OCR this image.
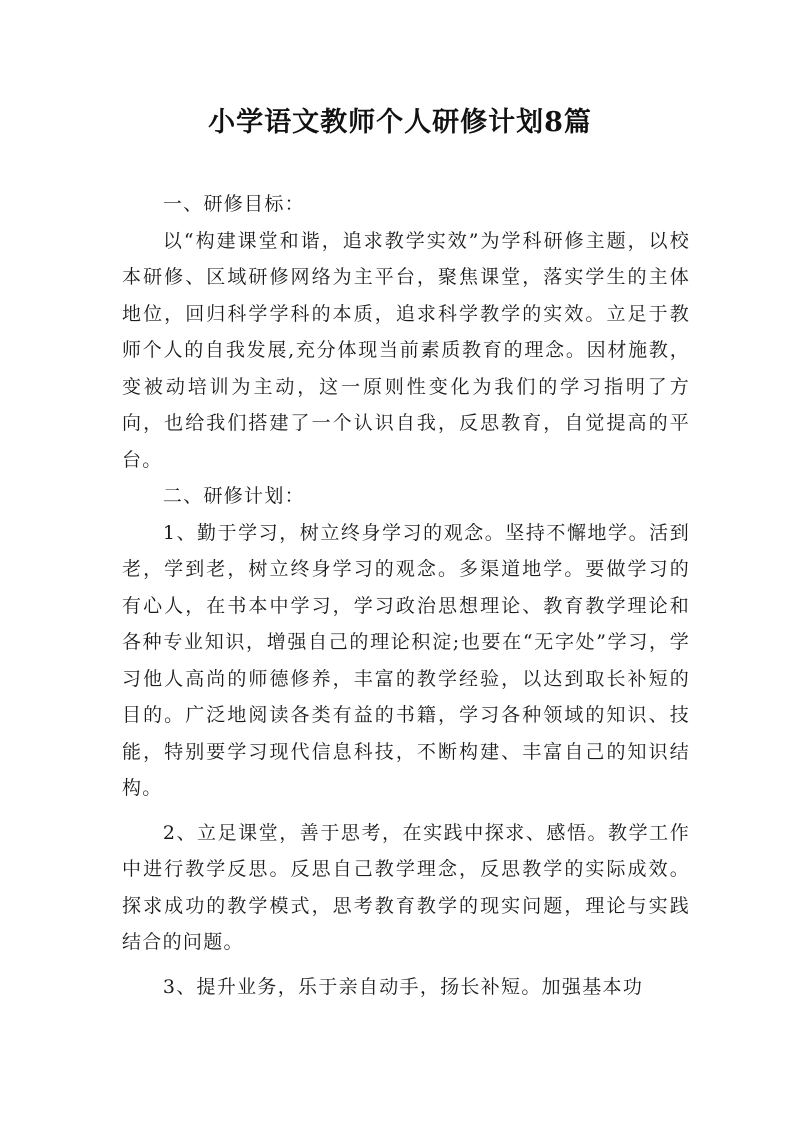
小学语文教师个人研修计划8篇

一、研修目标：

以“构建课堂和谐，追求教学实效”为学科研修主题，以校本研修、区域研修网络为主平台，聚焦课堂，落实学生的主体地位，回归科学学科的本质，追求科学教学的实效。立足于教师个人的自我发展,充分体现当前素质教育的理念。因材施教，变被动培训为主动，这一原则性变化为我们的学习指明了方向，也给我们搭建了一个认识自我，反思教育，自觉提高的平台。

二、研修计划：

1、勤于学习，树立终身学习的观念。坚持不懈地学。活到老，学到老，树立终身学习的观念。多渠道地学。要做学习的有心人，在书本中学习，学习政治思想理论、教育教学理论和各种专业知识，增强自己的理论积淀;也要在“无字处”学习，学习他人高尚的师德修养，丰富的教学经验，以达到取长补短的目的。广泛地阅读各类有益的书籍，学习各种领域的知识、技能，特别要学习现代信息科技，不断构建、丰富自己的知识结构。

2、立足课堂，善于思考，在实践中探求、感悟。教学工作中进行教学反思。反思自己教学理念，反思教学的实际成效。探求成功的教学模式，思考教育教学的现实问题，理论与实践结合的问题。

3、提升业务，乐于亲自动手，扬长补短。加强基本功
